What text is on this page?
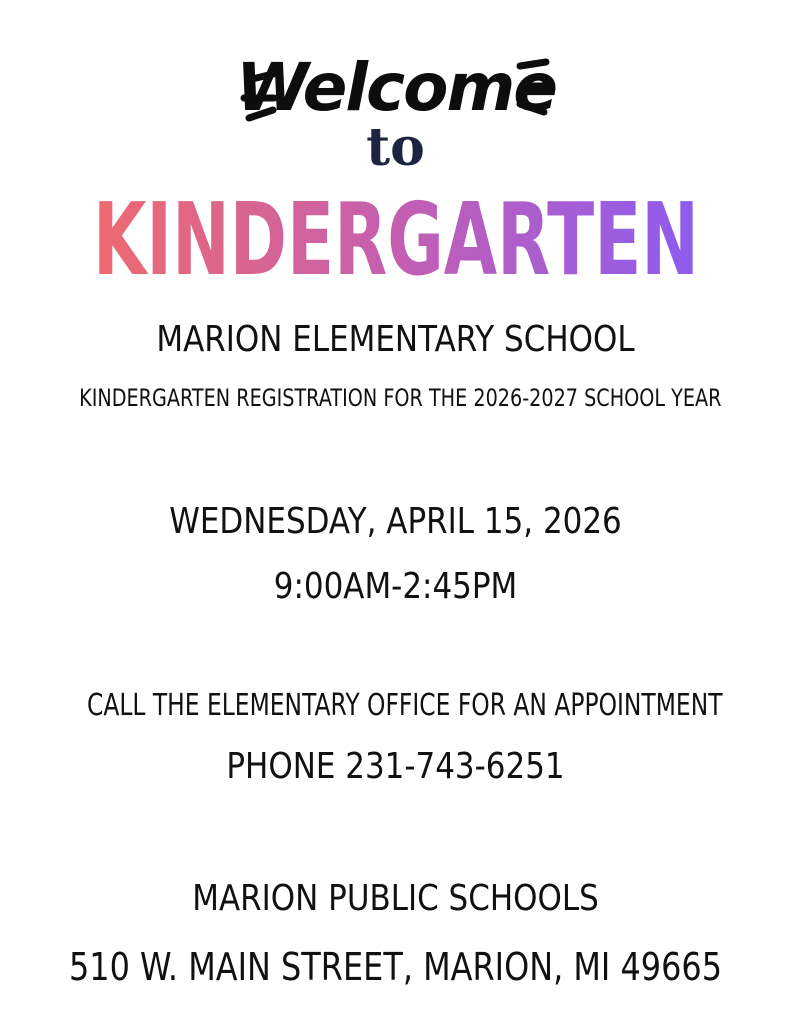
Welcome
to
KINDERGARTEN
MARION ELEMENTARY SCHOOL
KINDERGARTEN REGISTRATION FOR THE 2026-2027 SCHOOL YEAR
WEDNESDAY, APRIL 15, 2026
9:00AM-2:45PM
CALL THE ELEMENTARY OFFICE FOR AN APPOINTMENT
PHONE 231-743-6251
MARION PUBLIC SCHOOLS
510 W. MAIN STREET, MARION, MI 49665
